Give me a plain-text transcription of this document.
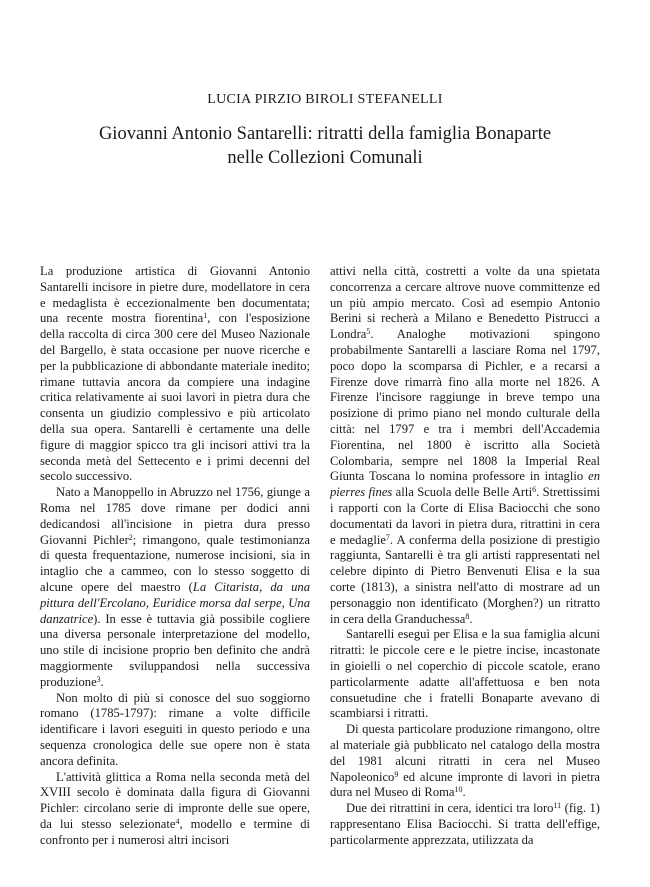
LUCIA PIRZIO BIROLI STEFANELLI
Giovanni Antonio Santarelli: ritratti della famiglia Bonaparte
nelle Collezioni Comunali

La produzione artistica di Giovanni Antonio Santarelli incisore in pietre dure, modellatore in cera e medaglista è eccezionalmente ben documentata; una recente mostra fiorentina$^1$, con l'esposizione della raccolta di circa 300 cere del Museo Nazionale del Bargello, è stata occasione per nuove ricerche e per la pubblicazione di abbondante materiale inedito; rimane tuttavia ancora da compiere una indagine critica relativamente ai suoi lavori in pietra dura che consenta un giudizio complessivo e più articolato della sua opera. Santarelli è certamente una delle figure di maggior spicco tra gli incisori attivi tra la seconda metà del Settecento e i primi decenni del secolo successivo.

Nato a Manoppello in Abruzzo nel 1756, giunge a Roma nel 1785 dove rimane per dodici anni dedicandosi all'incisione in pietra dura presso Giovanni Pichler$^2$; rimangono, quale testimonianza di questa frequentazione, numerose incisioni, sia in intaglio che a cammeo, con lo stesso soggetto di alcune opere del maestro (La Citarista, da una pittura dell'Ercolano, Euridice morsa dal serpe, Una danzatrice). In esse è tuttavia già possibile cogliere una diversa personale interpretazione del modello, uno stile di incisione proprio ben definito che andrà maggiormente sviluppandosi nella successiva produzione$^3$.

Non molto di più si conosce del suo soggiorno romano (1785-1797): rimane a volte difficile identificare i lavori eseguiti in questo periodo e una sequenza cronologica delle sue opere non è stata ancora definita.

L'attività glittica a Roma nella seconda metà del XVIII secolo è dominata dalla figura di Giovanni Pichler: circolano serie di impronte delle sue opere, da lui stesso selezionate$^4$, modello e termine di confronto per i numerosi altri incisori

attivi nella città, costretti a volte da una spietata concorrenza a cercare altrove nuove committenze ed un più ampio mercato. Così ad esempio Antonio Berini si recherà a Milano e Benedetto Pistrucci a Londra$^5$. Analoghe motivazioni spingono probabilmente Santarelli a lasciare Roma nel 1797, poco dopo la scomparsa di Pichler, e a recarsi a Firenze dove rimarrà fino alla morte nel 1826. A Firenze l'incisore raggiunge in breve tempo una posizione di primo piano nel mondo culturale della città: nel 1797 e tra i membri dell'Accademia Fiorentina, nel 1800 è iscritto alla Società Colombaria, sempre nel 1808 la Imperial Real Giunta Toscana lo nomina professore in intaglio en pierres fines alla Scuola delle Belle Arti$^6$. Strettissimi i rapporti con la Corte di Elisa Baciocchi che sono documentati da lavori in pietra dura, ritrattini in cera e medaglie$^7$. A conferma della posizione di prestigio raggiunta, Santarelli è tra gli artisti rappresentati nel celebre dipinto di Pietro Benvenuti Elisa e la sua corte (1813), a sinistra nell'atto di mostrare ad un personaggio non identificato (Morghen?) un ritratto in cera della Granduchessa$^8$.

Santarelli eseguì per Elisa e la sua famiglia alcuni ritratti: le piccole cere e le pietre incise, incastonate in gioielli o nel coperchio di piccole scatole, erano particolarmente adatte all'affettuosa e ben nota consuetudine che i fratelli Bonaparte avevano di scambiarsi i ritratti.

Di questa particolare produzione rimangono, oltre al materiale già pubblicato nel catalogo della mostra del 1981 alcuni ritratti in cera nel Museo Napoleonico$^9$ ed alcune impronte di lavori in pietra dura nel Museo di Roma$^{10}$.

Due dei ritrattini in cera, identici tra loro$^{11}$ (fig. 1) rappresentano Elisa Baciocchi. Si tratta dell'effige, particolarmente apprezzata, utilizzata da
